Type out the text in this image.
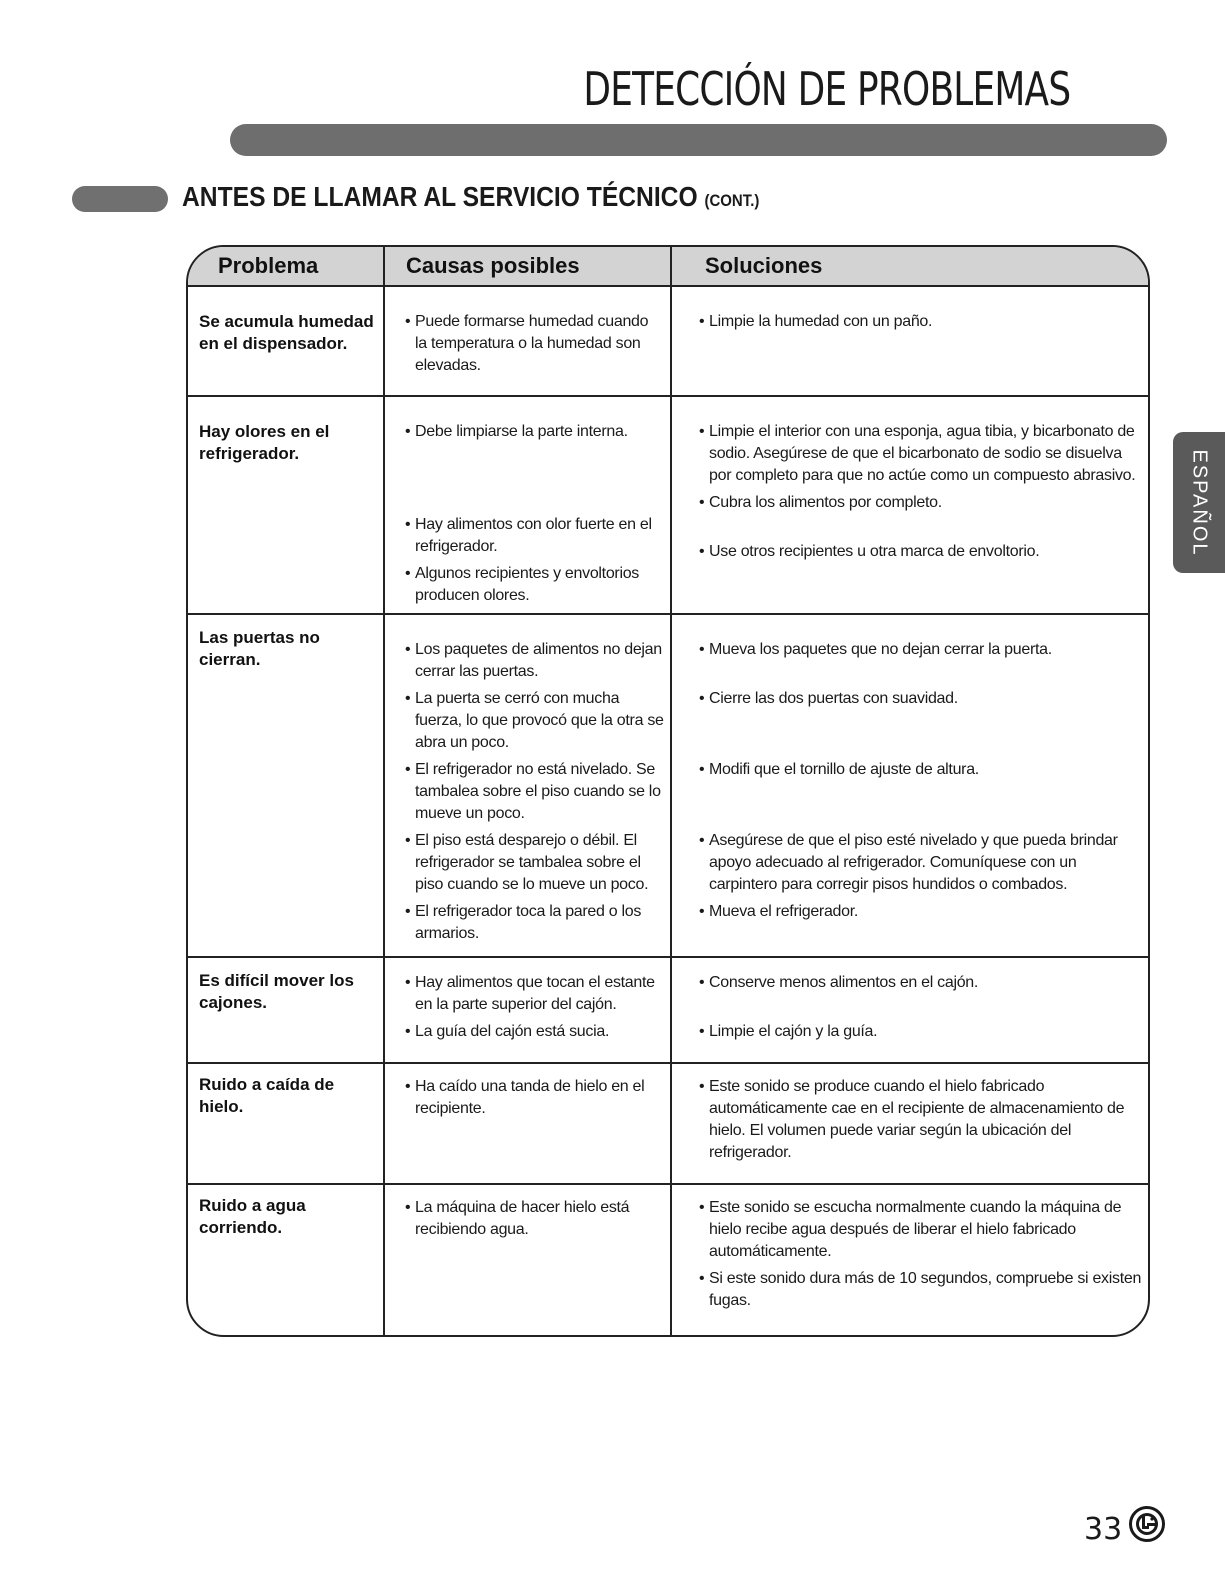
DETECCIÓN DE PROBLEMAS
ANTES DE LLAMAR AL SERVICIO TÉCNICO (CONT.)
ESPAÑOL
Problema	Causas posibles	Soluciones
Se acumula humedad en el dispensador.
• Puede formarse humedad cuando la temperatura o la humedad son elevadas.
• Limpie la humedad con un paño.
Hay olores en el refrigerador.
• Debe limpiarse la parte interna.
• Hay alimentos con olor fuerte en el refrigerador.
• Algunos recipientes y envoltorios producen olores.
• Limpie el interior con una esponja, agua tibia, y bicarbonato de sodio. Asegúrese de que el bicarbonato de sodio se disuelva por completo para que no actúe como un compuesto abrasivo.
• Cubra los alimentos por completo.
• Use otros recipientes u otra marca de envoltorio.
Las puertas no cierran.
• Los paquetes de alimentos no dejan cerrar las puertas.
• La puerta se cerró con mucha fuerza, lo que provocó que la otra se abra un poco.
• El refrigerador no está nivelado. Se tambalea sobre el piso cuando se lo mueve un poco.
• El piso está desparejo o débil. El refrigerador se tambalea sobre el piso cuando se lo mueve un poco.
• El refrigerador toca la pared o los armarios.
• Mueva los paquetes que no dejan cerrar la puerta.
• Cierre las dos puertas con suavidad.
• Modifi que el tornillo de ajuste de altura.
• Asegúrese de que el piso esté nivelado y que pueda brindar apoyo adecuado al refrigerador. Comuníquese con un carpintero para corregir pisos hundidos o combados.
• Mueva el refrigerador.
Es difícil mover los cajones.
• Hay alimentos que tocan el estante en la parte superior del cajón.
• La guía del cajón está sucia.
• Conserve menos alimentos en el cajón.
• Limpie el cajón y la guía.
Ruido a caída de hielo.
• Ha caído una tanda de hielo en el recipiente.
• Este sonido se produce cuando el hielo fabricado automáticamente cae en el recipiente de almacenamiento de hielo. El volumen puede variar según la ubicación del refrigerador.
Ruido a agua corriendo.
• La máquina de hacer hielo está recibiendo agua.
• Este sonido se escucha normalmente cuando la máquina de hielo recibe agua después de liberar el hielo fabricado automáticamente.
• Si este sonido dura más de 10 segundos, compruebe si existen fugas.
33
